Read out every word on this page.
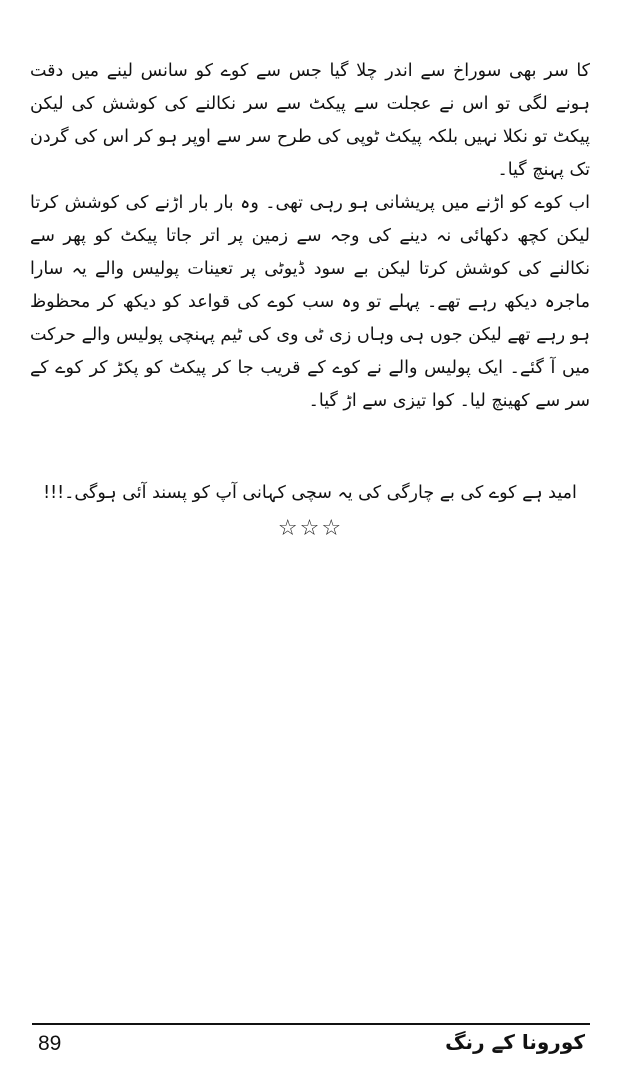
کا سر بھی سوراخ سے اندر چلا گیا جس سے کوے کو سانس لینے میں دقت ہونے لگی تو اس نے عجلت سے پیکٹ سے سر نکالنے کی کوشش کی لیکن پیکٹ تو نکلا نہیں بلکہ پیکٹ ٹوپی کی طرح سر سے اوپر ہو کر اس کی گردن تک پہنچ گیا۔

اب کوے کو اڑنے میں پریشانی ہو رہی تھی۔ وہ بار بار اڑنے کی کوشش کرتا لیکن کچھ دکھائی نہ دینے کی وجہ سے زمین پر اتر جاتا پیکٹ کو پھر سے نکالنے کی کوشش کرتا لیکن بے سود ڈیوٹی پر تعینات پولیس والے یہ سارا ماجرہ دیکھ رہے تھے۔ پہلے تو وہ سب کوے کی قواعد کو دیکھ کر محظوظ ہو رہے تھے لیکن جوں ہی وہاں زی ٹی وی کی ٹیم پہنچی پولیس والے حرکت میں آ گئے۔ ایک پولیس والے نے کوے کے قریب جا کر پیکٹ کو پکڑ کر کوے کے سر سے کھینچ لیا۔ کوا تیزی سے اڑ گیا۔

امید ہے کوے کی بے چارگی کی یہ سچی کہانی آپ کو پسند آئی ہوگی۔!!!
☆☆☆
کورونا کے رنگ
89
